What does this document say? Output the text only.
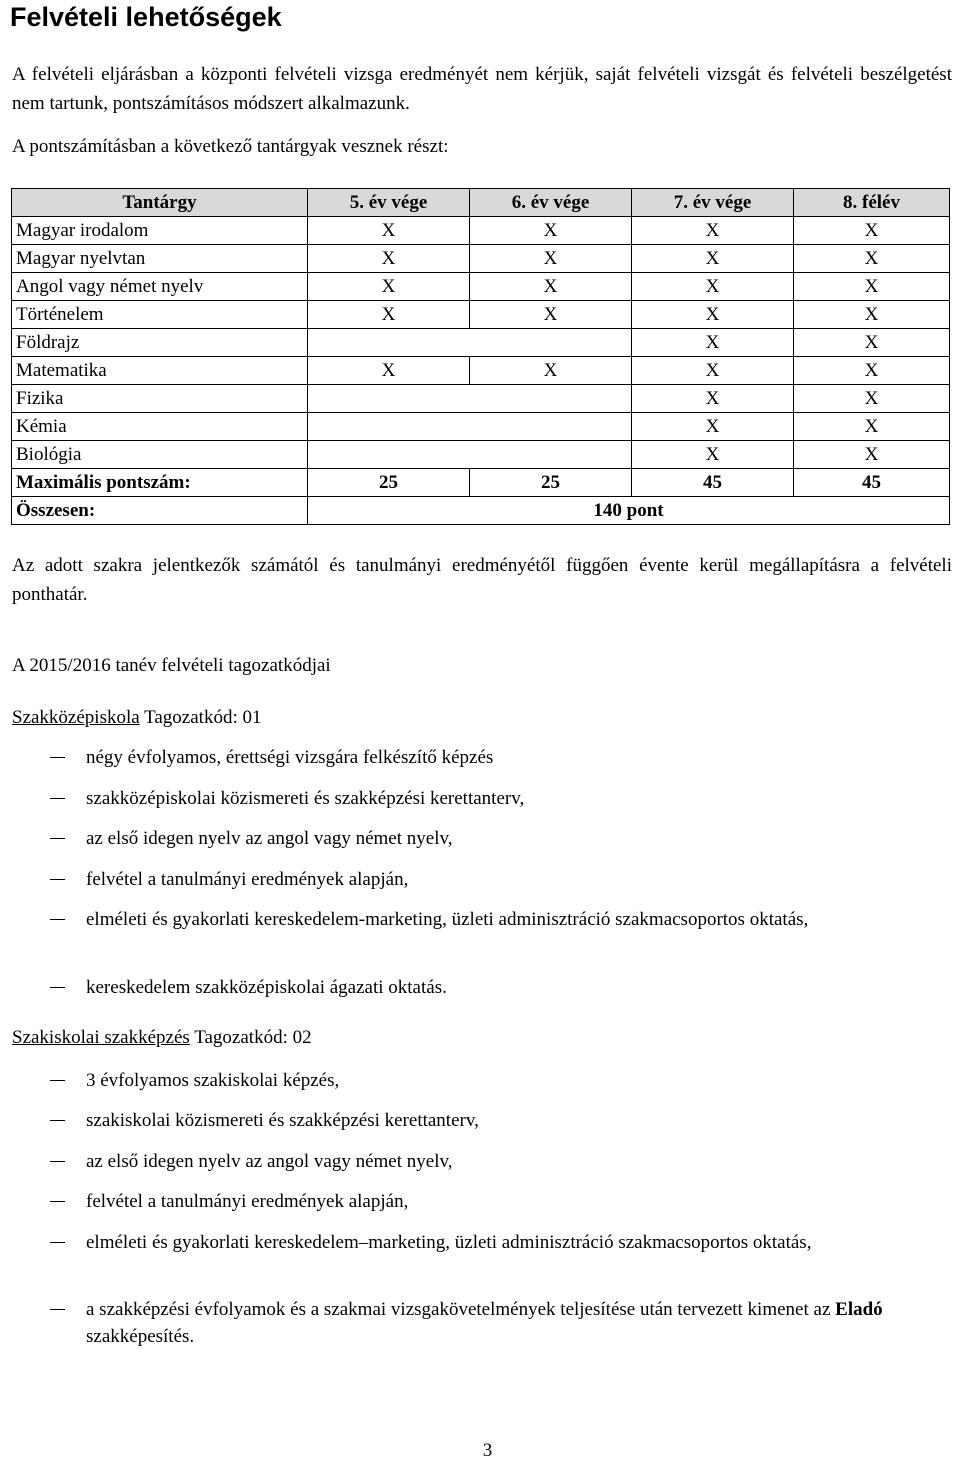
Felvételi lehetőségek

A felvételi eljárásban a központi felvételi vizsga eredményét nem kérjük, saját felvételi vizsgát és felvételi beszélgetést nem tartunk, pontszámításos módszert alkalmazunk.

A pontszámításban a következő tantárgyak vesznek részt:

Tantárgy	5. év vége	6. év vége	7. év vége	8. félév
Magyar irodalom	X	X	X	X
Magyar nyelvtan	X	X	X	X
Angol vagy német nyelv	X	X	X	X
Történelem	X	X	X	X
Földrajz			X	X
Matematika	X	X	X	X
Fizika			X	X
Kémia			X	X
Biológia			X	X
Maximális pontszám:	25	25	45	45
Összesen:	140 pont			

Az adott szakra jelentkezők számától és tanulmányi eredményétől függően évente kerül megállapításra a felvételi ponthatár.

A 2015/2016 tanév felvételi tagozatkódjai

Szakközépiskola Tagozatkód: 01

négy évfolyamos, érettségi vizsgára felkészítő képzés
szakközépiskolai közismereti és szakképzési kerettanterv,
az első idegen nyelv az angol vagy német nyelv,
felvétel a tanulmányi eredmények alapján,
elméleti és gyakorlati kereskedelem-marketing, üzleti adminisztráció szakmacsoportos oktatás,
kereskedelem szakközépiskolai ágazati oktatás.

Szakiskolai szakképzés Tagozatkód: 02

3 évfolyamos szakiskolai képzés,
szakiskolai közismereti és szakképzési kerettanterv,
az első idegen nyelv az angol vagy német nyelv,
felvétel a tanulmányi eredmények alapján,
elméleti és gyakorlati kereskedelem–marketing, üzleti adminisztráció szakmacsoportos oktatás,
a szakképzési évfolyamok és a szakmai vizsgakövetelmények teljesítése után tervezett kimenet az Eladó szakképesítés.
3
